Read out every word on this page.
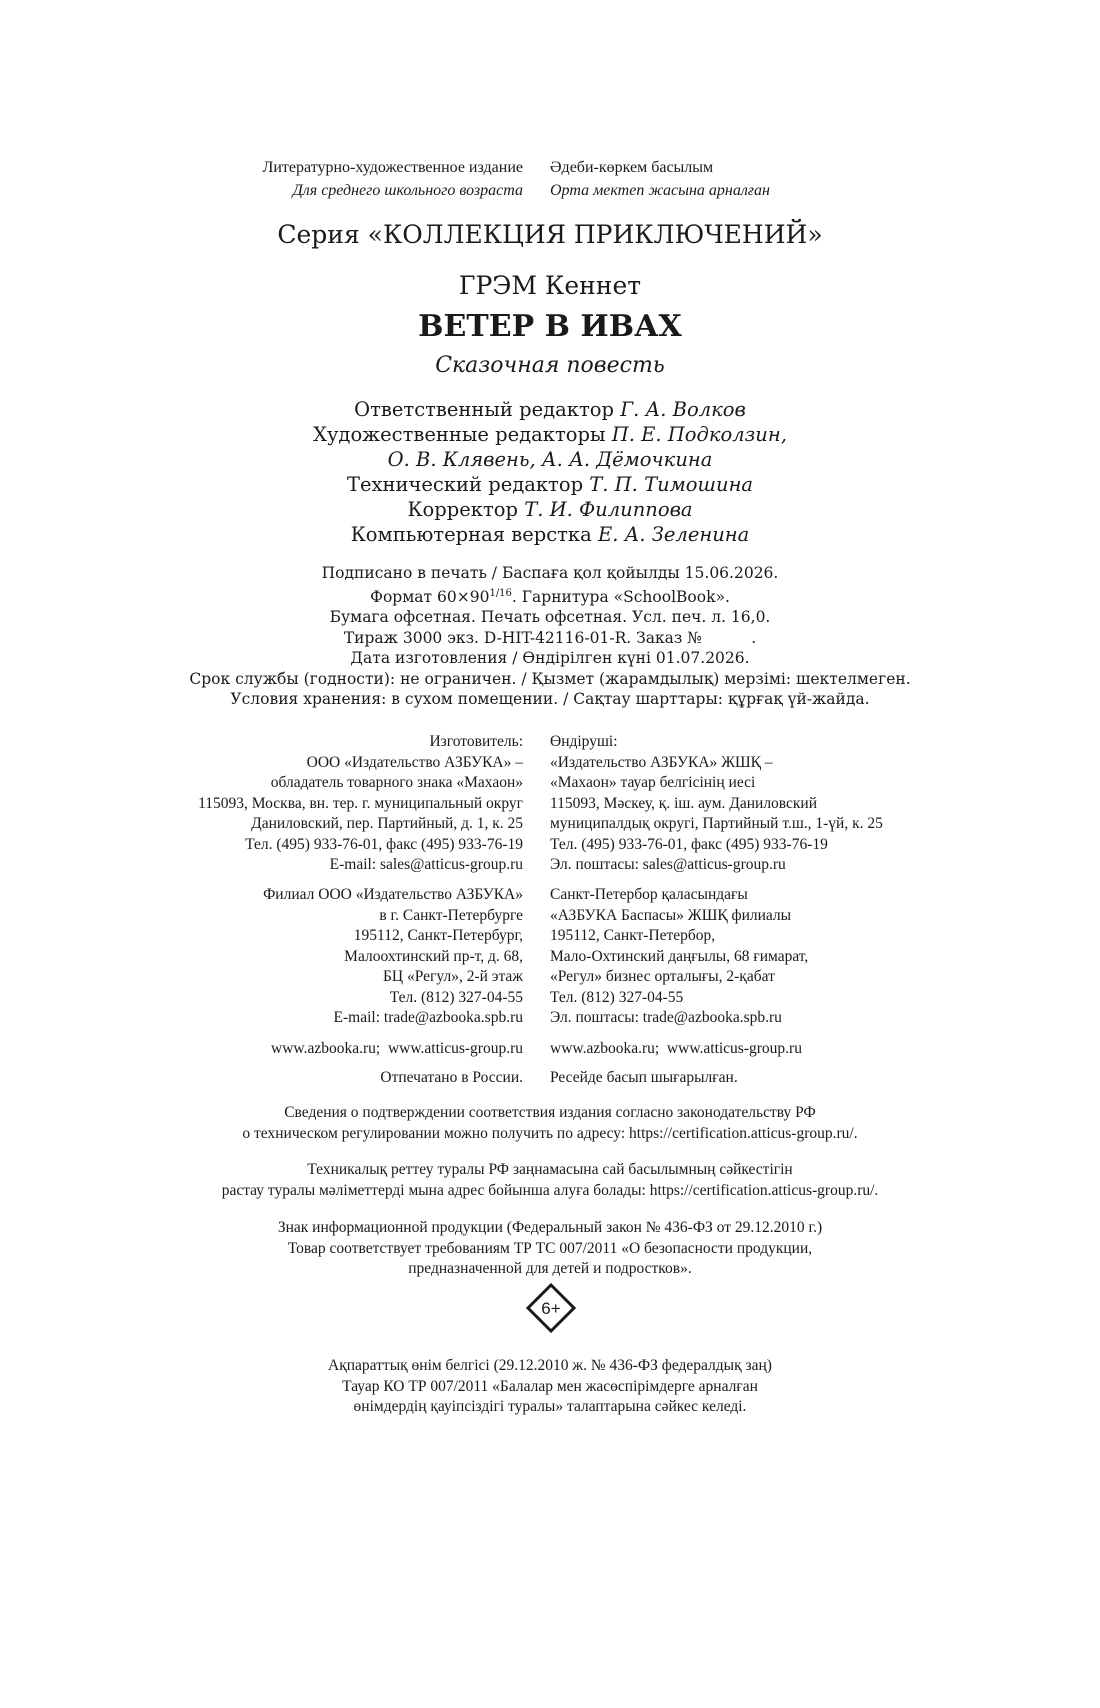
Литературно-художественное издание
Для среднего школьного возраста
Әдеби-көркем басылым
Орта мектеп жасына арналған
Серия «КОЛЛЕКЦИЯ ПРИКЛЮЧЕНИЙ»
ГРЭМ Кеннет
ВЕТЕР В ИВАХ
Сказочная повесть
Ответственный редактор Г. А. Волков
Художественные редакторы П. Е. Подколзин,
О. В. Клявень, А. А. Дёмочкина
Технический редактор Т. П. Тимошина
Корректор Т. И. Филиппова
Компьютерная верстка Е. А. Зеленина
Подписано в печать / Баспаға қол қойылды 15.06.2026.
Формат $60\times 90^{1/16}$. Гарнитура «SchoolBook».
Бумага офсетная. Печать офсетная. Усл. печ. л. 16,0.
Тираж 3000 экз. D-HIT-42116-01-R. Заказ №          .
Дата изготовления / Өндірілген күні 01.07.2026.
Срок службы (годности): не ограничен. / Қызмет (жарамдылық) мерзімі: шектелмеген.
Условия хранения: в сухом помещении. / Сақтау шарттары: құрғақ үй-жайда.
Изготовитель:
ООО «Издательство АЗБУКА» –
обладатель товарного знака «Махаон»
115093, Москва, вн. тер. г. муниципальный округ
Даниловский, пер. Партийный, д. 1, к. 25
Тел. (495) 933-76-01, факс (495) 933-76-19
E-mail: sales@atticus-group.ru
Өндіруші:
«Издательство АЗБУКА» ЖШҚ –
«Махаон» тауар белгісінің иесі
115093, Мәскеу, қ. іш. аум. Даниловский
муниципалдық округі, Партийный т.ш., 1-үй, к. 25
Тел. (495) 933-76-01, факс (495) 933-76-19
Эл. поштасы: sales@atticus-group.ru
Филиал ООО «Издательство АЗБУКА»
в г. Санкт-Петербурге
195112, Санкт-Петербург,
Малоохтинский пр-т, д. 68,
БЦ «Регул», 2-й этаж
Тел. (812) 327-04-55
E-mail: trade@azbooka.spb.ru
Санкт-Петербор қаласындағы
«АЗБУКА Баспасы» ЖШҚ филиалы
195112, Санкт-Петербор,
Мало-Охтинский даңғылы, 68 ғимарат,
«Регул» бизнес орталығы, 2-қабат
Тел. (812) 327-04-55
Эл. поштасы: trade@azbooka.spb.ru
www.azbooka.ru;  www.atticus-group.ru	www.azbooka.ru;  www.atticus-group.ru
Отпечатано в России.	Ресейде басып шығарылған.
Сведения о подтверждении соответствия издания согласно законодательству РФ
о техническом регулировании можно получить по адресу: https://certification.atticus-group.ru/.
Техникалық реттеу туралы РФ заңнамасына сай басылымның сәйкестігін
растау туралы мәліметтерді мына адрес бойынша алуға болады: https://certification.atticus-group.ru/.
Знак информационной продукции (Федеральный закон № 436-ФЗ от 29.12.2010 г.)
Товар соответствует требованиям ТР ТС 007/2011 «О безопасности продукции,
предназначенной для детей и подростков».
6+
Ақпараттық өнім белгісі (29.12.2010 ж. № 436-ФЗ федералдық заң)
Тауар КО ТР 007/2011 «Балалар мен жасөспірімдерге арналған
өнімдердің қауіпсіздігі туралы» талаптарына сәйкес келеді.
